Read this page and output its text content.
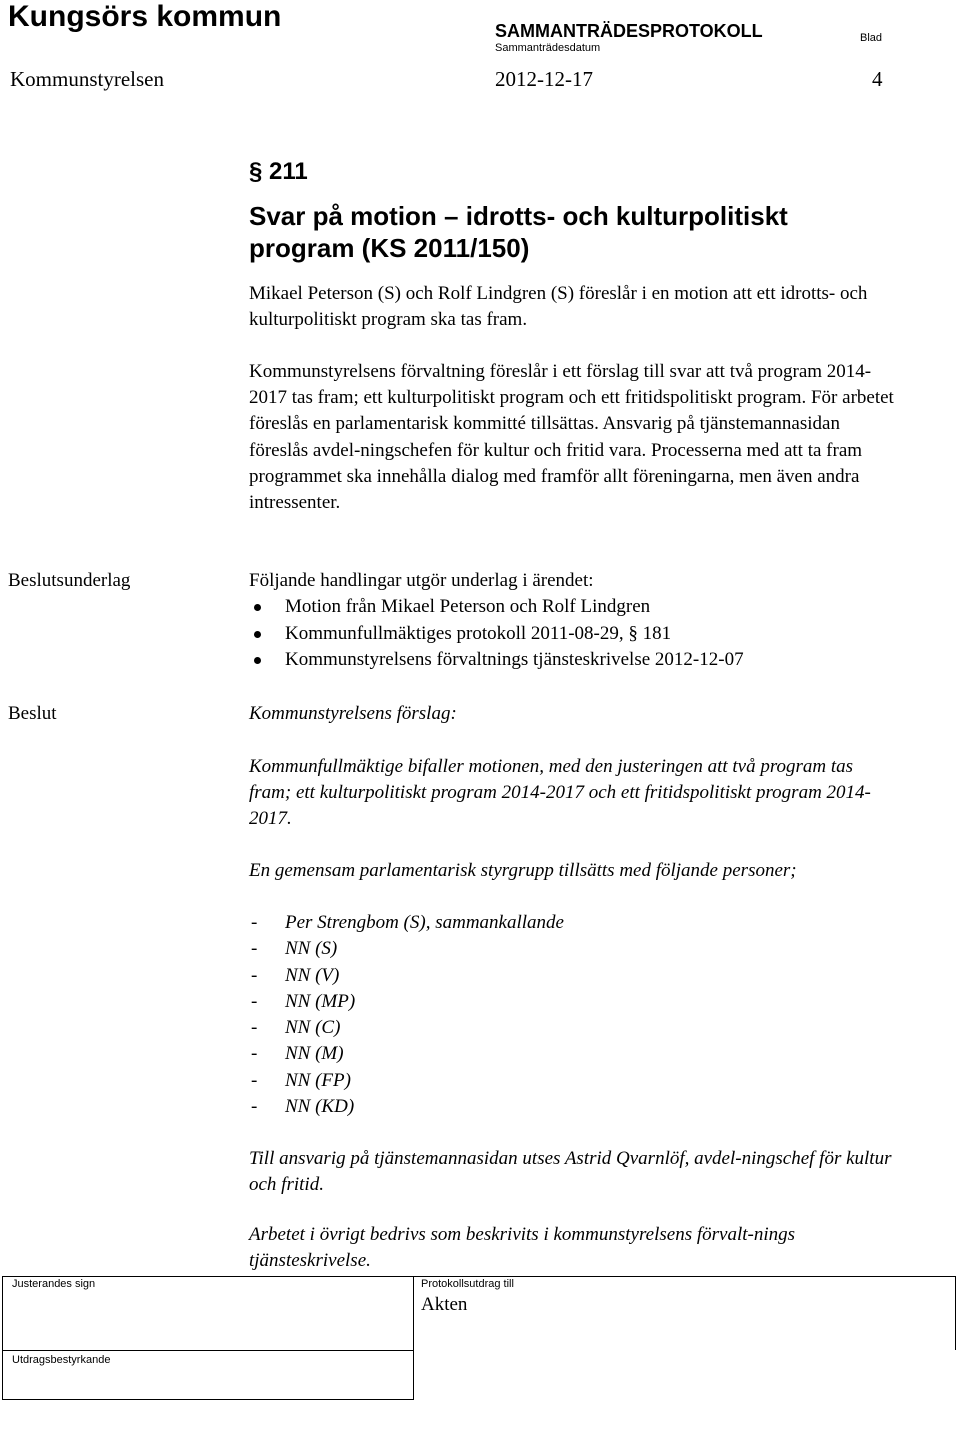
Kungsörs kommun	SAMMANTRÄDESPROTOKOLL
Sammanträdesdatum
Blad
Kommunstyrelsen	2012-12-17	4
§ 211
Svar på motion – idrotts- och kulturpolitiskt program (KS 2011/150)
Mikael Peterson (S) och Rolf Lindgren (S) föreslår i en motion att ett idrotts- och kulturpolitiskt program ska tas fram.
Kommunstyrelsens förvaltning föreslår i ett förslag till svar att två program 2014-2017 tas fram; ett kulturpolitiskt program och ett fritidspolitiskt program. För arbetet föreslås en parlamentarisk kommitté tillsättas. Ansvarig på tjänstemannasidan föreslås avdel-ningschefen för kultur och fritid vara. Processerna med att ta fram programmet ska innehålla dialog med framför allt föreningarna, men även andra intressenter.
Beslutsunderlag	Följande handlingar utgör underlag i ärendet:
Motion från Mikael Peterson och Rolf Lindgren
Kommunfullmäktiges protokoll 2011-08-29, § 181
Kommunstyrelsens förvaltnings tjänsteskrivelse 2012-12-07
Beslut	Kommunstyrelsens förslag:
Kommunfullmäktige bifaller motionen, med den justeringen att två program tas fram; ett kulturpolitiskt program 2014-2017 och ett fritidspolitiskt program 2014-2017.
En gemensam parlamentarisk styrgrupp tillsätts med följande personer;
- Per Strengbom (S), sammankallande
- NN (S)
- NN (V)
- NN (MP)
- NN (C)
- NN (M)
- NN (FP)
- NN (KD)
Till ansvarig på tjänstemannasidan utses Astrid Qvarnlöf, avdel-ningschef för kultur och fritid.
Arbetet i övrigt bedrivs som beskrivits i kommunstyrelsens förvalt-nings tjänsteskrivelse.
Justerandes sign	Protokollsutdrag till
Akten
Utdragsbestyrkande
